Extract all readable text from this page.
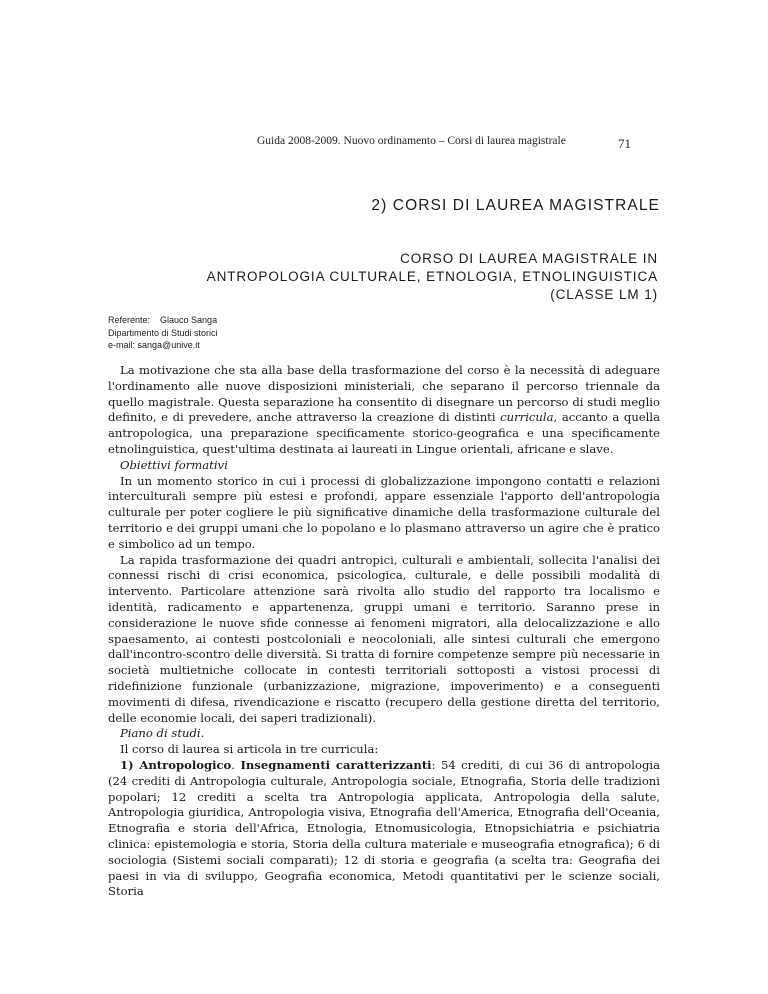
Guida 2008-2009. Nuovo ordinamento – Corsi di laurea magistrale	71
2) CORSI DI LAUREA MAGISTRALE
CORSO DI LAUREA MAGISTRALE IN
ANTROPOLOGIA CULTURALE, ETNOLOGIA, ETNOLINGUISTICA
(CLASSE LM 1)
Referente: Glauco Sanga
Dipartimento di Studi storici
e-mail: sanga@unive.it

La motivazione che sta alla base della trasformazione del corso è la necessità di adeguare l'ordinamento alle nuove disposizioni ministeriali, che separano il percorso triennale da quello magistrale. Questa separazione ha consentito di disegnare un percorso di studi meglio definito, e di prevedere, anche attraverso la creazione di distinti curricula, accanto a quella antropologica, una preparazione specificamente storico-geografica e una specificamente etnolinguistica, quest'ultima destinata ai laureati in Lingue orientali, africane e slave.

Obiettivi formativi

In un momento storico in cui i processi di globalizzazione impongono contatti e relazioni interculturali sempre più estesi e profondi, appare essenziale l'apporto dell'antropologia culturale per poter cogliere le più significative dinamiche della trasformazione culturale del territorio e dei gruppi umani che lo popolano e lo plasmano attraverso un agire che è pratico e simbolico ad un tempo.

La rapida trasformazione dei quadri antropici, culturali e ambientali, sollecita l'analisi dei connessi rischi di crisi economica, psicologica, culturale, e delle possibili modalità di intervento. Particolare attenzione sarà rivolta allo studio del rapporto tra localismo e identità, radicamento e appartenenza, gruppi umani e territorio. Saranno prese in considerazione le nuove sfide connesse ai fenomeni migratori, alla delocalizzazione e allo spaesamento, ai contesti postcoloniali e neocoloniali, alle sintesi culturali che emergono dall'incontro-scontro delle diversità. Si tratta di fornire competenze sempre più necessarie in società multietniche collocate in contesti territoriali sottoposti a vistosi processi di ridefinizione funzionale (urbanizzazione, migrazione, impoverimento) e a conseguenti movimenti di difesa, rivendicazione e riscatto (recupero della gestione diretta del territorio, delle economie locali, dei saperi tradizionali).

Piano di studi.

Il corso di laurea si articola in tre curricula:

1) Antropologico. Insegnamenti caratterizzanti: 54 crediti, di cui 36 di antropologia (24 crediti di Antropologia culturale, Antropologia sociale, Etnografia, Storia delle tradizioni popolari; 12 crediti a scelta tra Antropologia applicata, Antropologia della salute, Antropologia giuridica, Antropologia visiva, Etnografia dell'America, Etnografia dell'Oceania, Etnografia e storia dell'Africa, Etnologia, Etnomusicologia, Etnopsichiatria e psichiatria clinica: epistemologia e storia, Storia della cultura materiale e museografia etnografica); 6 di sociologia (Sistemi sociali comparati); 12 di storia e geografia (a scelta tra: Geografia dei paesi in via di sviluppo, Geografia economica, Metodi quantitativi per le scienze sociali, Storia
